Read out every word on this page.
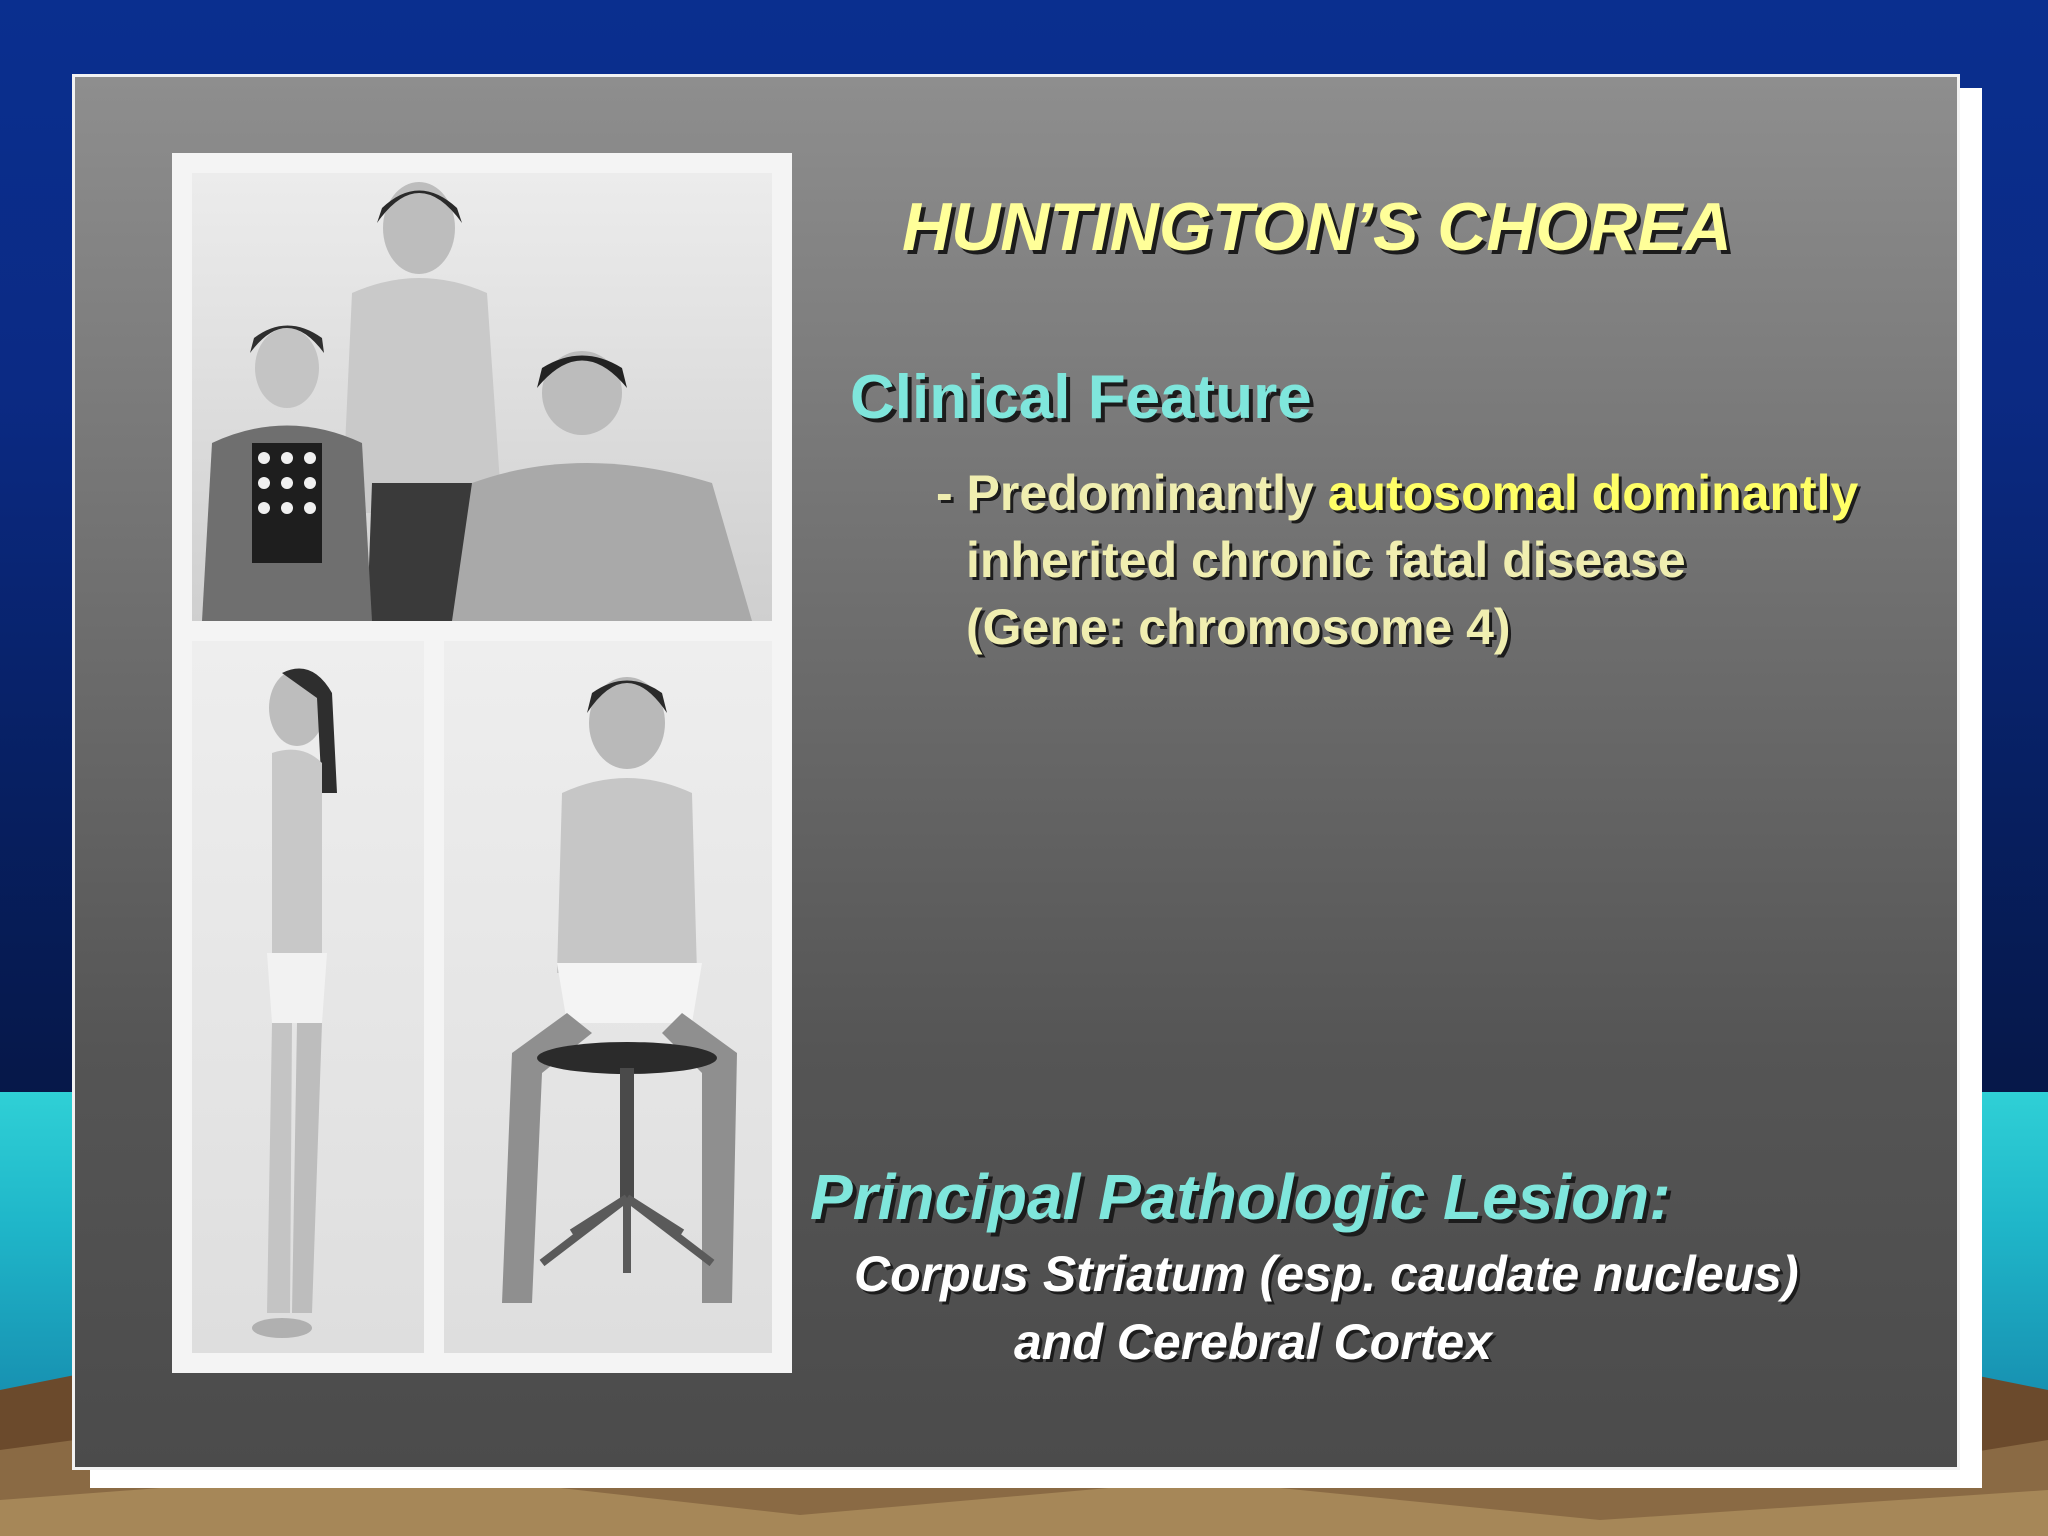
HUNTINGTON’S CHOREA
Clinical Feature
- Predominantly autosomal dominantly
inherited chronic fatal disease
(Gene: chromosome 4)
Principal Pathologic Lesion:
Corpus Striatum (esp. caudate nucleus)
and Cerebral Cortex
